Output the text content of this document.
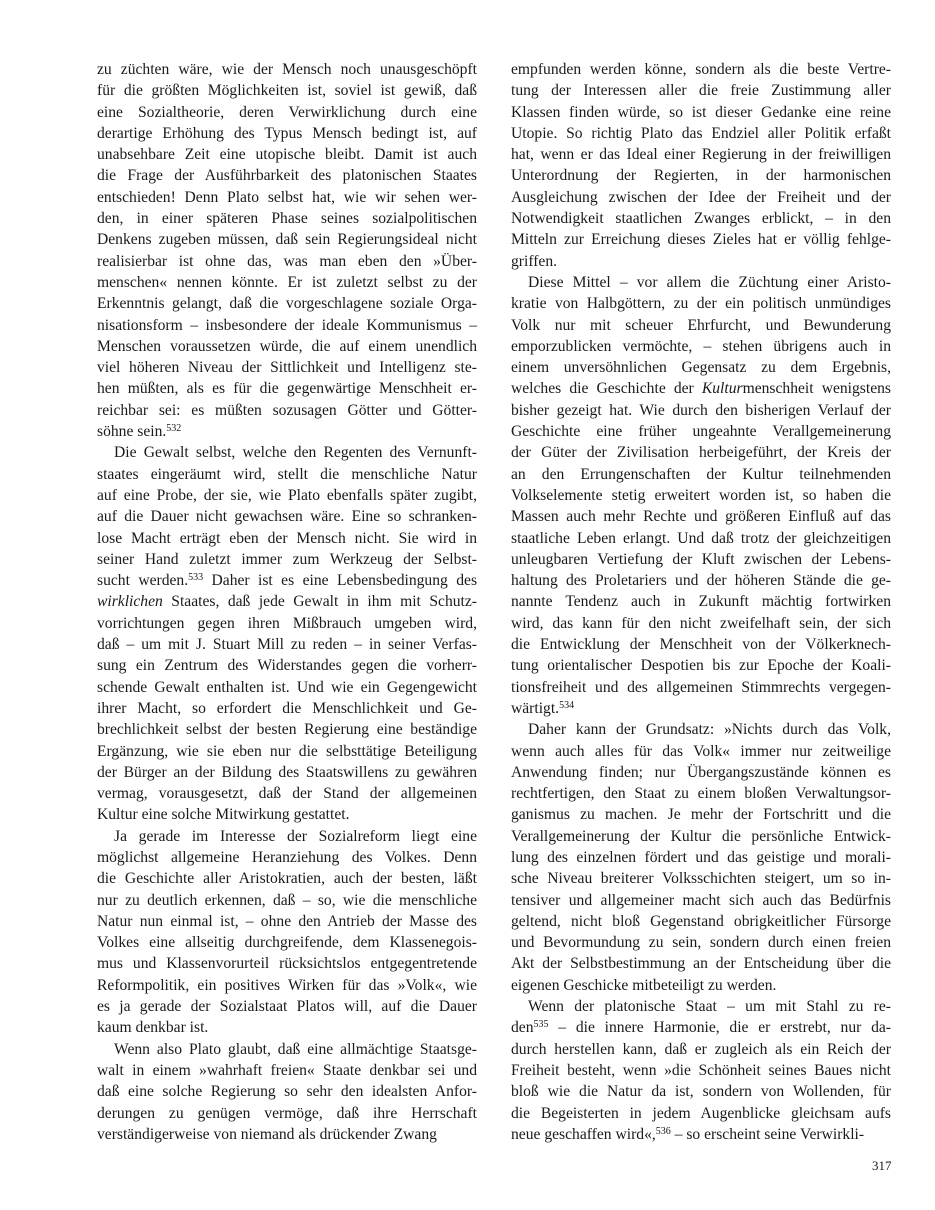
zu züchten wäre, wie der Mensch noch unausgeschöpft
für die größten Möglichkeiten ist, soviel ist gewiß, daß
eine Sozialtheorie, deren Verwirklichung durch eine
derartige Erhöhung des Typus Mensch bedingt ist, auf
unabsehbare Zeit eine utopische bleibt. Damit ist auch
die Frage der Ausführbarkeit des platonischen Staates
entschieden! Denn Plato selbst hat, wie wir sehen wer-
den, in einer späteren Phase seines sozialpolitischen
Denkens zugeben müssen, daß sein Regierungsideal nicht
realisierbar ist ohne das, was man eben den »Über-
menschen« nennen könnte. Er ist zuletzt selbst zu der
Erkenntnis gelangt, daß die vorgeschlagene soziale Orga-
nisationsform – insbesondere der ideale Kommunismus –
Menschen voraussetzen würde, die auf einem unendlich
viel höheren Niveau der Sittlichkeit und Intelligenz ste-
hen müßten, als es für die gegenwärtige Menschheit er-
reichbar sei: es müßten sozusagen Götter und Götter-
söhne sein.$^{532}$
Die Gewalt selbst, welche den Regenten des Vernunft-
staates eingeräumt wird, stellt die menschliche Natur
auf eine Probe, der sie, wie Plato ebenfalls später zugibt,
auf die Dauer nicht gewachsen wäre. Eine so schranken-
lose Macht erträgt eben der Mensch nicht. Sie wird in
seiner Hand zuletzt immer zum Werkzeug der Selbst-
sucht werden.$^{533}$ Daher ist es eine Lebensbedingung des
wirklichen Staates, daß jede Gewalt in ihm mit Schutz-
vorrichtungen gegen ihren Mißbrauch umgeben wird,
daß – um mit J. Stuart Mill zu reden – in seiner Verfas-
sung ein Zentrum des Widerstandes gegen die vorherr-
schende Gewalt enthalten ist. Und wie ein Gegengewicht
ihrer Macht, so erfordert die Menschlichkeit und Ge-
brechlichkeit selbst der besten Regierung eine beständige
Ergänzung, wie sie eben nur die selbsttätige Beteiligung
der Bürger an der Bildung des Staatswillens zu gewähren
vermag, vorausgesetzt, daß der Stand der allgemeinen
Kultur eine solche Mitwirkung gestattet.
Ja gerade im Interesse der Sozialreform liegt eine
möglichst allgemeine Heranziehung des Volkes. Denn
die Geschichte aller Aristokratien, auch der besten, läßt
nur zu deutlich erkennen, daß – so, wie die menschliche
Natur nun einmal ist, – ohne den Antrieb der Masse des
Volkes eine allseitig durchgreifende, dem Klassenegois-
mus und Klassenvorurteil rücksichtslos entgegentretende
Reformpolitik, ein positives Wirken für das »Volk«, wie
es ja gerade der Sozialstaat Platos will, auf die Dauer
kaum denkbar ist.
Wenn also Plato glaubt, daß eine allmächtige Staatsge-
walt in einem »wahrhaft freien« Staate denkbar sei und
daß eine solche Regierung so sehr den idealsten Anfor-
derungen zu genügen vermöge, daß ihre Herrschaft
verständigerweise von niemand als drückender Zwang
empfunden werden könne, sondern als die beste Vertre-
tung der Interessen aller die freie Zustimmung aller
Klassen finden würde, so ist dieser Gedanke eine reine
Utopie. So richtig Plato das Endziel aller Politik erfaßt
hat, wenn er das Ideal einer Regierung in der freiwilligen
Unterordnung der Regierten, in der harmonischen
Ausgleichung zwischen der Idee der Freiheit und der
Notwendigkeit staatlichen Zwanges erblickt, – in den
Mitteln zur Erreichung dieses Zieles hat er völlig fehlge-
griffen.
Diese Mittel – vor allem die Züchtung einer Aristo-
kratie von Halbgöttern, zu der ein politisch unmündiges
Volk nur mit scheuer Ehrfurcht, und Bewunderung
emporzublicken vermöchte, – stehen übrigens auch in
einem unversöhnlichen Gegensatz zu dem Ergebnis,
welches die Geschichte der Kulturmenschheit wenigstens
bisher gezeigt hat. Wie durch den bisherigen Verlauf der
Geschichte eine früher ungeahnte Verallgemeinerung
der Güter der Zivilisation herbeigeführt, der Kreis der
an den Errungenschaften der Kultur teilnehmenden
Volkselemente stetig erweitert worden ist, so haben die
Massen auch mehr Rechte und größeren Einfluß auf das
staatliche Leben erlangt. Und daß trotz der gleichzeitigen
unleugbaren Vertiefung der Kluft zwischen der Lebens-
haltung des Proletariers und der höheren Stände die ge-
nannte Tendenz auch in Zukunft mächtig fortwirken
wird, das kann für den nicht zweifelhaft sein, der sich
die Entwicklung der Menschheit von der Völkerknech-
tung orientalischer Despotien bis zur Epoche der Koali-
tionsfreiheit und des allgemeinen Stimmrechts vergegen-
wärtigt.$^{534}$
Daher kann der Grundsatz: »Nichts durch das Volk,
wenn auch alles für das Volk« immer nur zeitweilige
Anwendung finden; nur Übergangszustände können es
rechtfertigen, den Staat zu einem bloßen Verwaltungsor-
ganismus zu machen. Je mehr der Fortschritt und die
Verallgemeinerung der Kultur die persönliche Entwick-
lung des einzelnen fördert und das geistige und morali-
sche Niveau breiterer Volksschichten steigert, um so in-
tensiver und allgemeiner macht sich auch das Bedürfnis
geltend, nicht bloß Gegenstand obrigkeitlicher Fürsorge
und Bevormundung zu sein, sondern durch einen freien
Akt der Selbstbestimmung an der Entscheidung über die
eigenen Geschicke mitbeteiligt zu werden.
Wenn der platonische Staat – um mit Stahl zu re-
den$^{535}$ – die innere Harmonie, die er erstrebt, nur da-
durch herstellen kann, daß er zugleich als ein Reich der
Freiheit besteht, wenn »die Schönheit seines Baues nicht
bloß wie die Natur da ist, sondern von Wollenden, für
die Begeisterten in jedem Augenblicke gleichsam aufs
neue geschaffen wird«,$^{536}$ – so erscheint seine Verwirkli-
317
